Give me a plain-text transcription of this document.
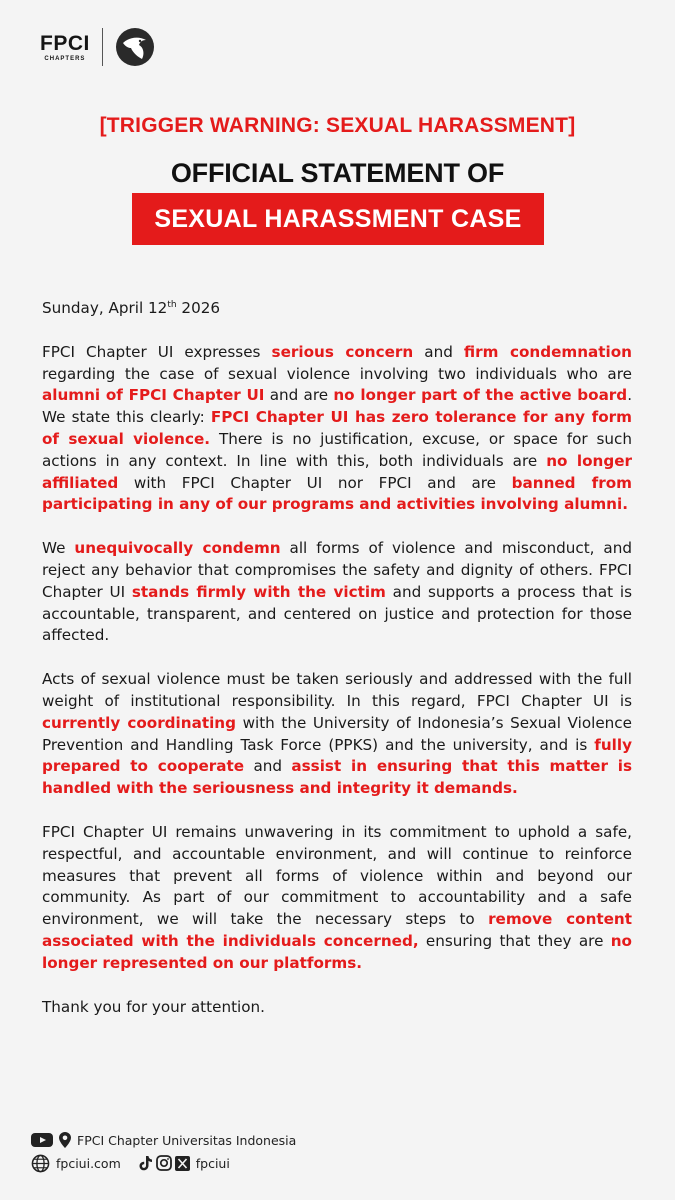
FPCI
CHAPTERS
[TRIGGER WARNING: SEXUAL HARASSMENT]
OFFICIAL STATEMENT OF
SEXUAL HARASSMENT CASE

Sunday, April 12th 2026

FPCI Chapter UI expresses serious concern and firm condemnation regarding the case of sexual violence involving two individuals who are alumni of FPCI Chapter UI and are no longer part of the active board. We state this clearly: FPCI Chapter UI has zero tolerance for any form of sexual violence. There is no justification, excuse, or space for such actions in any context. In line with this, both individuals are no longer affiliated with FPCI Chapter UI nor FPCI and are banned from participating in any of our programs and activities involving alumni.

We unequivocally condemn all forms of violence and misconduct, and reject any behavior that compromises the safety and dignity of others. FPCI Chapter UI stands firmly with the victim and supports a process that is accountable, transparent, and centered on justice and protection for those affected.

Acts of sexual violence must be taken seriously and addressed with the full weight of institutional responsibility. In this regard, FPCI Chapter UI is currently coordinating with the University of Indonesia’s Sexual Violence Prevention and Handling Task Force (PPKS) and the university, and is fully prepared to cooperate and assist in ensuring that this matter is handled with the seriousness and integrity it demands.

FPCI Chapter UI remains unwavering in its commitment to uphold a safe, respectful, and accountable environment, and will continue to reinforce measures that prevent all forms of violence within and beyond our community. As part of our commitment to accountability and a safe environment, we will take the necessary steps to remove content associated with the individuals concerned, ensuring that they are no longer represented on our platforms.

Thank you for your attention.

FPCI Chapter Universitas Indonesia
fpciui.com	fpciui
